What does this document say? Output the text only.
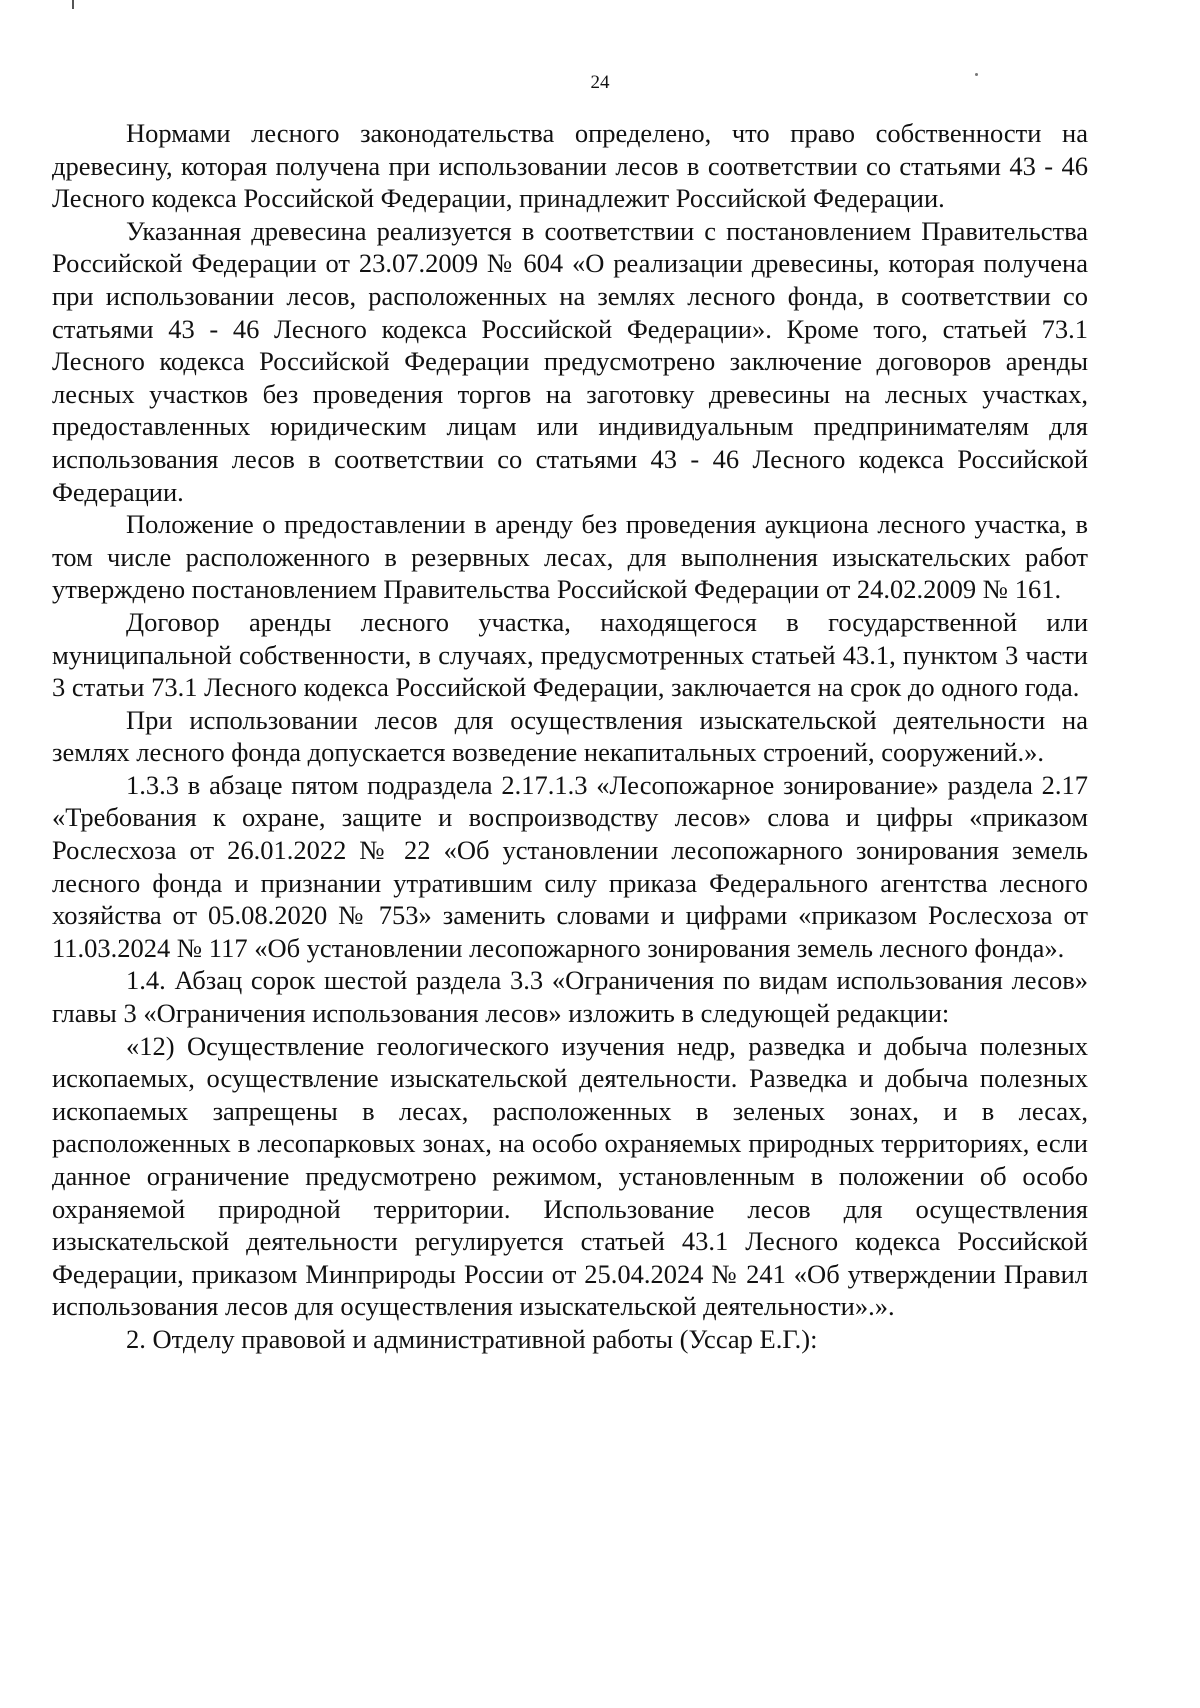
24

Нормами лесного законодательства определено, что право собственности на древесину, которая получена при использовании лесов в соответствии со статьями 43 - 46 Лесного кодекса Российской Федерации, принадлежит Российской Федерации.

Указанная древесина реализуется в соответствии с постановлением Правительства Российской Федерации от 23.07.2009 № 604 «О реализации древесины, которая получена при использовании лесов, расположенных на землях лесного фонда, в соответствии со статьями 43 - 46 Лесного кодекса Российской Федерации». Кроме того, статьей 73.1 Лесного кодекса Российской Федерации предусмотрено заключение договоров аренды лесных участков без проведения торгов на заготовку древесины на лесных участках, предоставленных юридическим лицам или индивидуальным предпринимателям для использования лесов в соответствии со статьями 43 - 46 Лесного кодекса Российской Федерации.

Положение о предоставлении в аренду без проведения аукциона лесного участка, в том числе расположенного в резервных лесах, для выполнения изыскательских работ утверждено постановлением Правительства Российской Федерации от 24.02.2009 № 161.

Договор аренды лесного участка, находящегося в государственной или муниципальной собственности, в случаях, предусмотренных статьей 43.1, пунктом 3 части 3 статьи 73.1 Лесного кодекса Российской Федерации, заключается на срок до одного года.

При использовании лесов для осуществления изыскательской деятельности на землях лесного фонда допускается возведение некапитальных строений, сооружений.».

1.3.3 в абзаце пятом подраздела 2.17.1.3 «Лесопожарное зонирование» раздела 2.17 «Требования к охране, защите и воспроизводству лесов» слова и цифры «приказом Рослесхоза от 26.01.2022 № 22 «Об установлении лесопожарного зонирования земель лесного фонда и признании утратившим силу приказа Федерального агентства лесного хозяйства от 05.08.2020 № 753» заменить словами и цифрами «приказом Рослесхоза от 11.03.2024 № 117 «Об установлении лесопожарного зонирования земель лесного фонда».

1.4. Абзац сорок шестой раздела 3.3 «Ограничения по видам использования лесов» главы 3 «Ограничения использования лесов» изложить в следующей редакции:

«12) Осуществление геологического изучения недр, разведка и добыча полезных ископаемых, осуществление изыскательской деятельности. Разведка и добыча полезных ископаемых запрещены в лесах, расположенных в зеленых зонах, и в лесах, расположенных в лесопарковых зонах, на особо охраняемых природных территориях, если данное ограничение предусмотрено режимом, установленным в положении об особо охраняемой природной территории. Использование лесов для осуществления изыскательской деятельности регулируется статьей 43.1 Лесного кодекса Российской Федерации, приказом Минприроды России от 25.04.2024 № 241 «Об утверждении Правил использования лесов для осуществления изыскательской деятельности».».

2. Отделу правовой и административной работы (Уссар Е.Г.):
